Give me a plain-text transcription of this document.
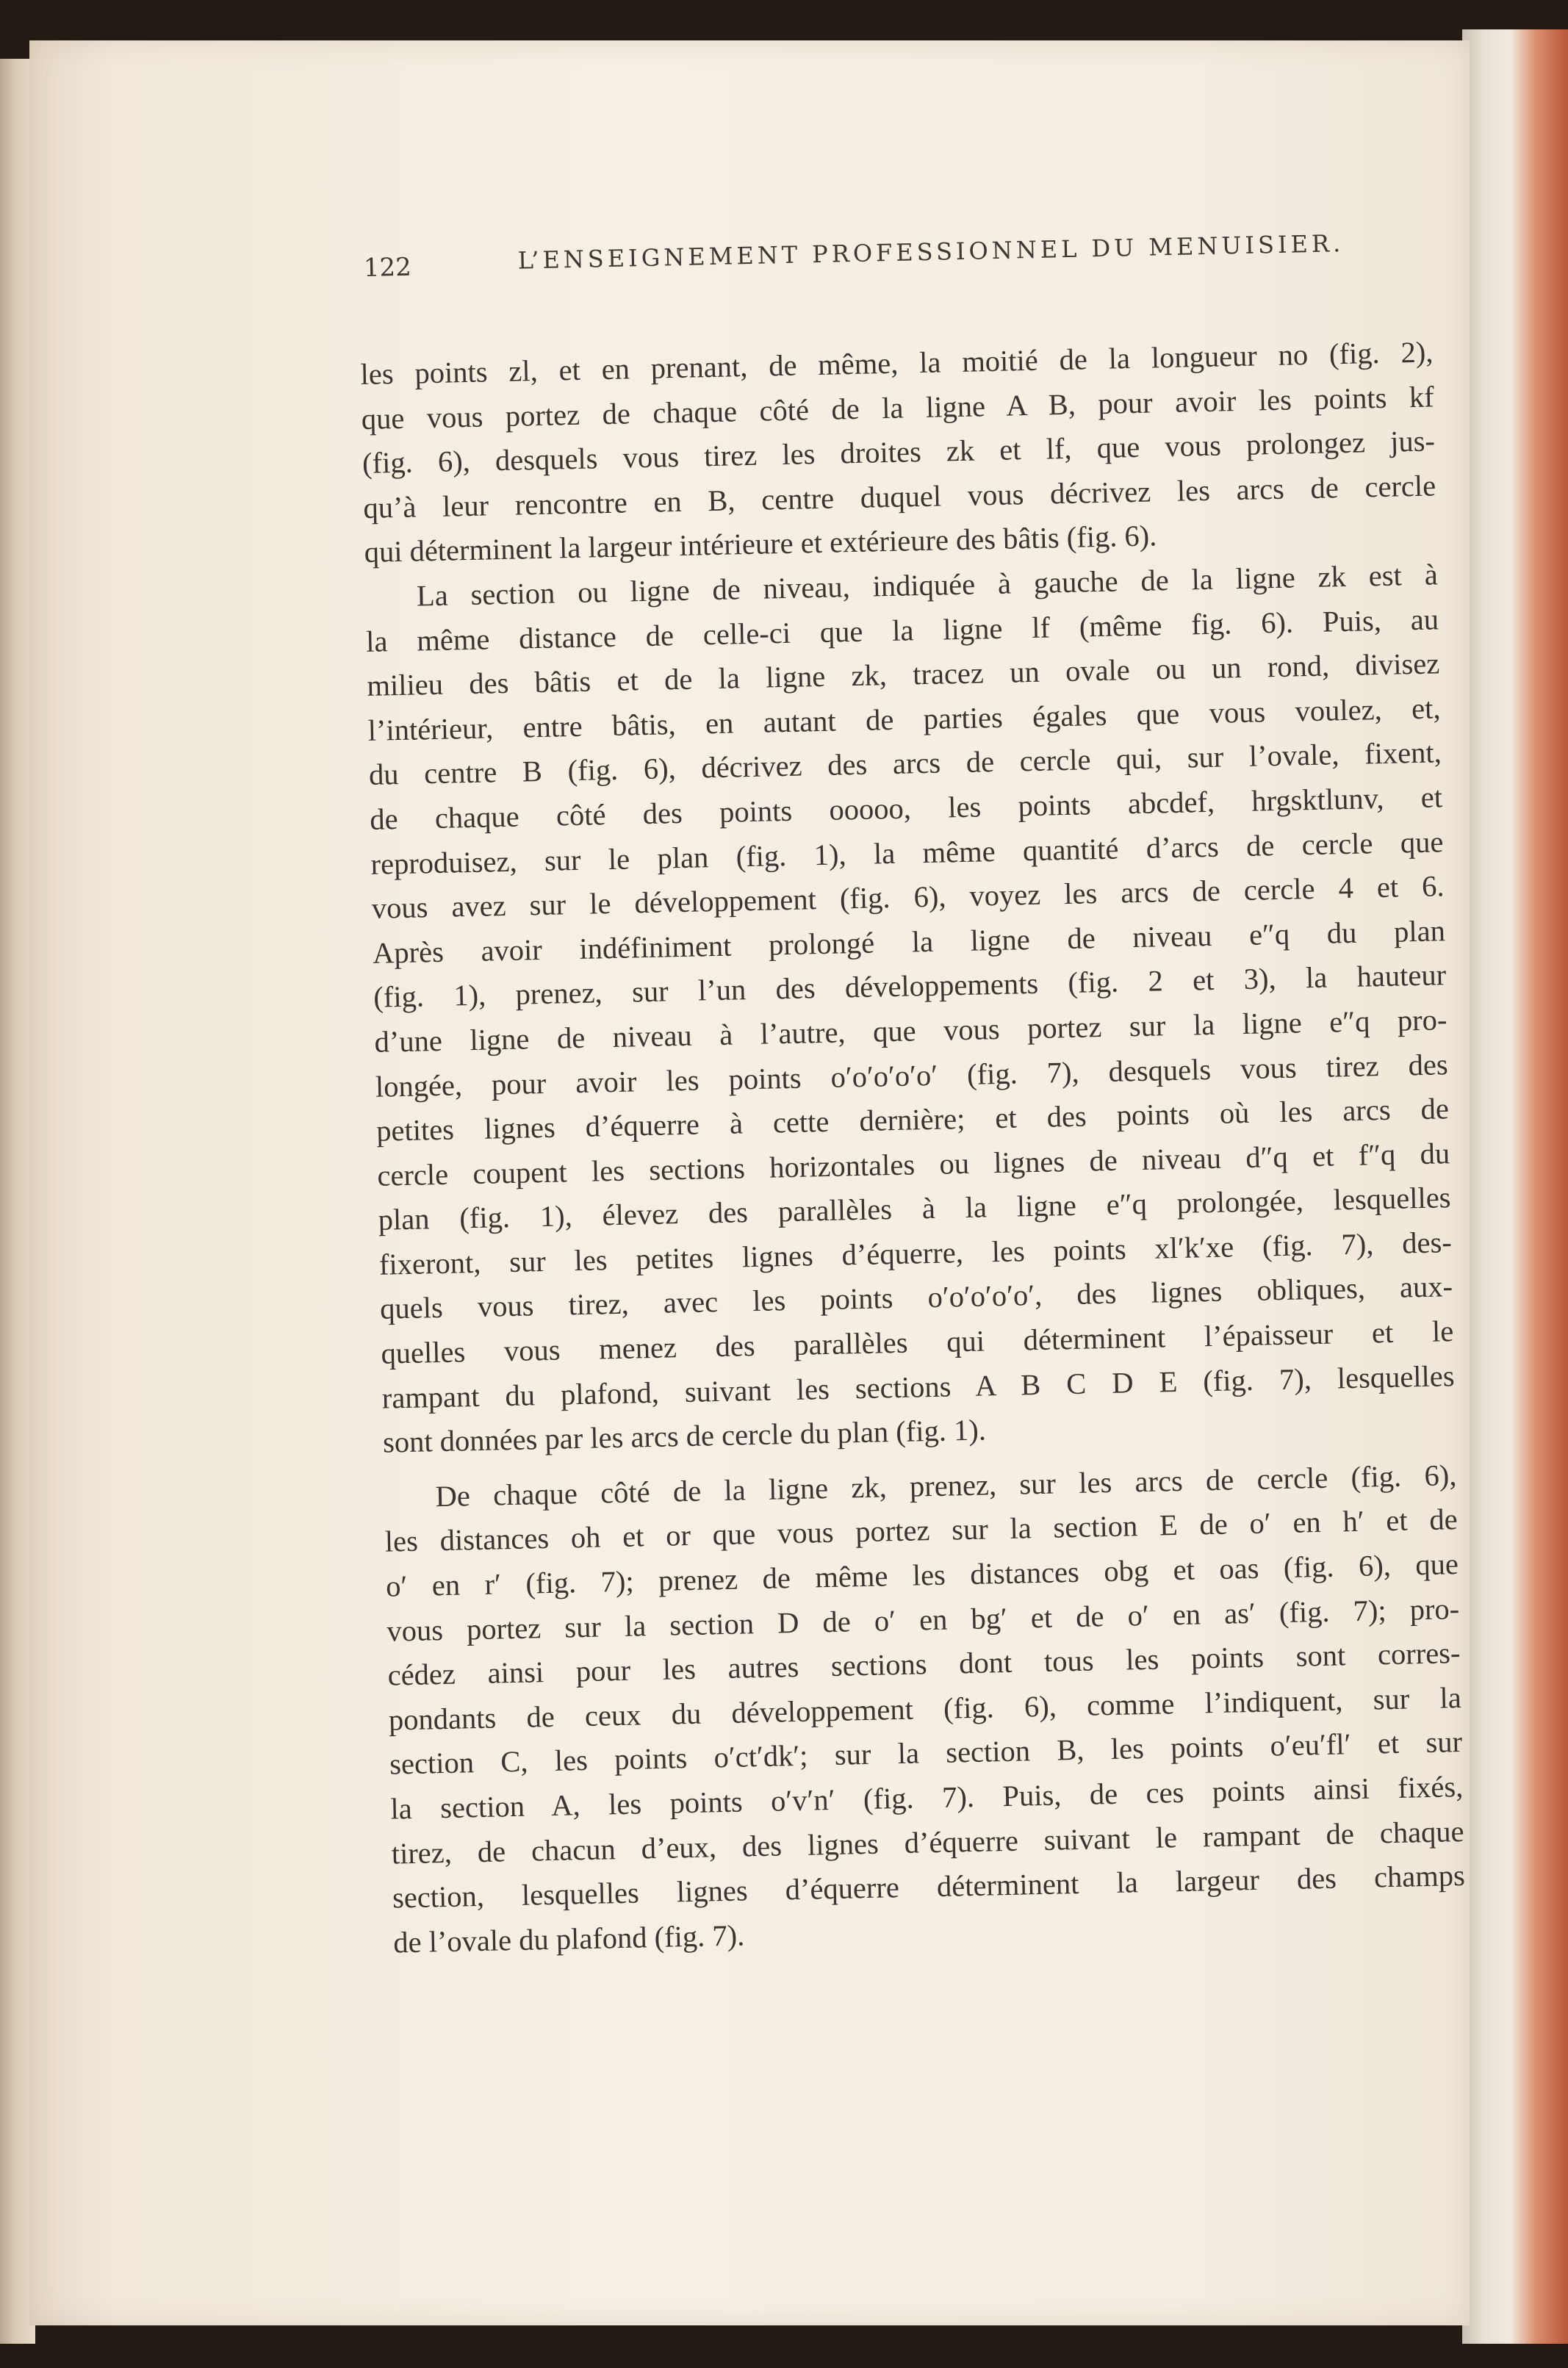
122	L’ENSEIGNEMENT PROFESSIONNEL DU MENUISIER.
les points zl, et en prenant, de même, la moitié de la longueur no (fig. 2),
que vous portez de chaque côté de la ligne A B, pour avoir les points kf
(fig. 6), desquels vous tirez les droites zk et lf, que vous prolongez jus-
qu’à leur rencontre en B, centre duquel vous décrivez les arcs de cercle
qui déterminent la largeur intérieure et extérieure des bâtis (fig. 6).
La section ou ligne de niveau, indiquée à gauche de la ligne zk est à
la même distance de celle-ci que la ligne lf (même fig. 6). Puis, au
milieu des bâtis et de la ligne zk, tracez un ovale ou un rond, divisez
l’intérieur, entre bâtis, en autant de parties égales que vous voulez, et,
du centre B (fig. 6), décrivez des arcs de cercle qui, sur l’ovale, fixent,
de chaque côté des points ooooo, les points abcdef, hrgsktlunv, et
reproduisez, sur le plan (fig. 1), la même quantité d’arcs de cercle que
vous avez sur le développement (fig. 6), voyez les arcs de cercle 4 et 6.
Après avoir indéfiniment prolongé la ligne de niveau e″q du plan
(fig. 1), prenez, sur l’un des développements (fig. 2 et 3), la hauteur
d’une ligne de niveau à l’autre, que vous portez sur la ligne e″q pro-
longée, pour avoir les points o′o′o′o′o′ (fig. 7), desquels vous tirez des
petites lignes d’équerre à cette dernière; et des points où les arcs de
cercle coupent les sections horizontales ou lignes de niveau d″q et f″q du
plan (fig. 1), élevez des parallèles à la ligne e″q prolongée, lesquelles
fixeront, sur les petites lignes d’équerre, les points xl′k′xe (fig. 7), des-
quels vous tirez, avec les points o′o′o′o′o′, des lignes obliques, aux-
quelles vous menez des parallèles qui déterminent l’épaisseur et le
rampant du plafond, suivant les sections A B C D E (fig. 7), lesquelles
sont données par les arcs de cercle du plan (fig. 1).
De chaque côté de la ligne zk, prenez, sur les arcs de cercle (fig. 6),
les distances oh et or que vous portez sur la section E de o′ en h′ et de
o′ en r′ (fig. 7); prenez de même les distances obg et oas (fig. 6), que
vous portez sur la section D de o′ en bg′ et de o′ en as′ (fig. 7); pro-
cédez ainsi pour les autres sections dont tous les points sont corres-
pondants de ceux du développement (fig. 6), comme l’indiquent, sur la
section C, les points o′ct′dk′; sur la section B, les points o′eu′fl′ et sur
la section A, les points o′v′n′ (fig. 7). Puis, de ces points ainsi fixés,
tirez, de chacun d’eux, des lignes d’équerre suivant le rampant de chaque
section, lesquelles lignes d’équerre déterminent la largeur des champs
de l’ovale du plafond (fig. 7).
